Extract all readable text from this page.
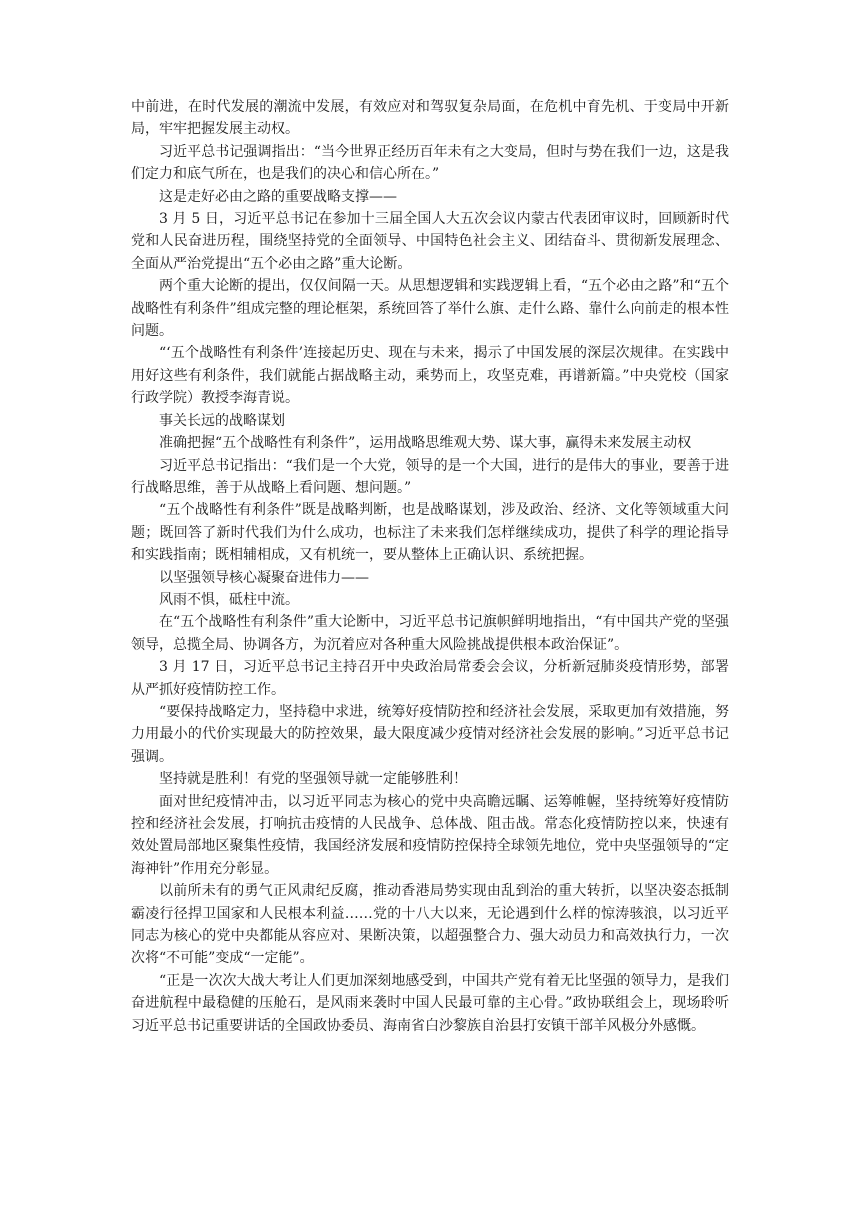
中前进，在时代发展的潮流中发展，有效应对和驾驭复杂局面，在危机中育先机、于变局中开新局，牢牢把握发展主动权。

习近平总书记强调指出：“当今世界正经历百年未有之大变局，但时与势在我们一边，这是我们定力和底气所在，也是我们的决心和信心所在。”

这是走好必由之路的重要战略支撑——

3 月 5 日，习近平总书记在参加十三届全国人大五次会议内蒙古代表团审议时，回顾新时代党和人民奋进历程，围绕坚持党的全面领导、中国特色社会主义、团结奋斗、贯彻新发展理念、全面从严治党提出“五个必由之路”重大论断。

两个重大论断的提出，仅仅间隔一天。从思想逻辑和实践逻辑上看，“五个必由之路”和“五个战略性有利条件”组成完整的理论框架，系统回答了举什么旗、走什么路、靠什么向前走的根本性问题。

“‘五个战略性有利条件’连接起历史、现在与未来，揭示了中国发展的深层次规律。在实践中用好这些有利条件，我们就能占据战略主动，乘势而上，攻坚克难，再谱新篇。”中央党校（国家行政学院）教授李海青说。

事关长远的战略谋划

准确把握“五个战略性有利条件”，运用战略思维观大势、谋大事，赢得未来发展主动权

习近平总书记指出：“我们是一个大党，领导的是一个大国，进行的是伟大的事业，要善于进行战略思维，善于从战略上看问题、想问题。”

“五个战略性有利条件”既是战略判断，也是战略谋划，涉及政治、经济、文化等领域重大问题；既回答了新时代我们为什么成功，也标注了未来我们怎样继续成功，提供了科学的理论指导和实践指南；既相辅相成，又有机统一，要从整体上正确认识、系统把握。

以坚强领导核心凝聚奋进伟力——

风雨不惧，砥柱中流。

在“五个战略性有利条件”重大论断中，习近平总书记旗帜鲜明地指出，“有中国共产党的坚强领导，总揽全局、协调各方，为沉着应对各种重大风险挑战提供根本政治保证”。

3 月 17 日，习近平总书记主持召开中央政治局常委会会议，分析新冠肺炎疫情形势，部署从严抓好疫情防控工作。

“要保持战略定力，坚持稳中求进，统筹好疫情防控和经济社会发展，采取更加有效措施，努力用最小的代价实现最大的防控效果，最大限度减少疫情对经济社会发展的影响。”习近平总书记强调。

坚持就是胜利！有党的坚强领导就一定能够胜利！

面对世纪疫情冲击，以习近平同志为核心的党中央高瞻远瞩、运筹帷幄，坚持统筹好疫情防控和经济社会发展，打响抗击疫情的人民战争、总体战、阻击战。常态化疫情防控以来，快速有效处置局部地区聚集性疫情，我国经济发展和疫情防控保持全球领先地位，党中央坚强领导的“定海神针”作用充分彰显。

以前所未有的勇气正风肃纪反腐，推动香港局势实现由乱到治的重大转折，以坚决姿态抵制霸凌行径捍卫国家和人民根本利益……党的十八大以来，无论遇到什么样的惊涛骇浪，以习近平同志为核心的党中央都能从容应对、果断决策，以超强整合力、强大动员力和高效执行力，一次次将“不可能”变成“一定能”。

“正是一次次大战大考让人们更加深刻地感受到，中国共产党有着无比坚强的领导力，是我们奋进航程中最稳健的压舱石，是风雨来袭时中国人民最可靠的主心骨。”政协联组会上，现场聆听习近平总书记重要讲话的全国政协委员、海南省白沙黎族自治县打安镇干部羊风极分外感慨。
